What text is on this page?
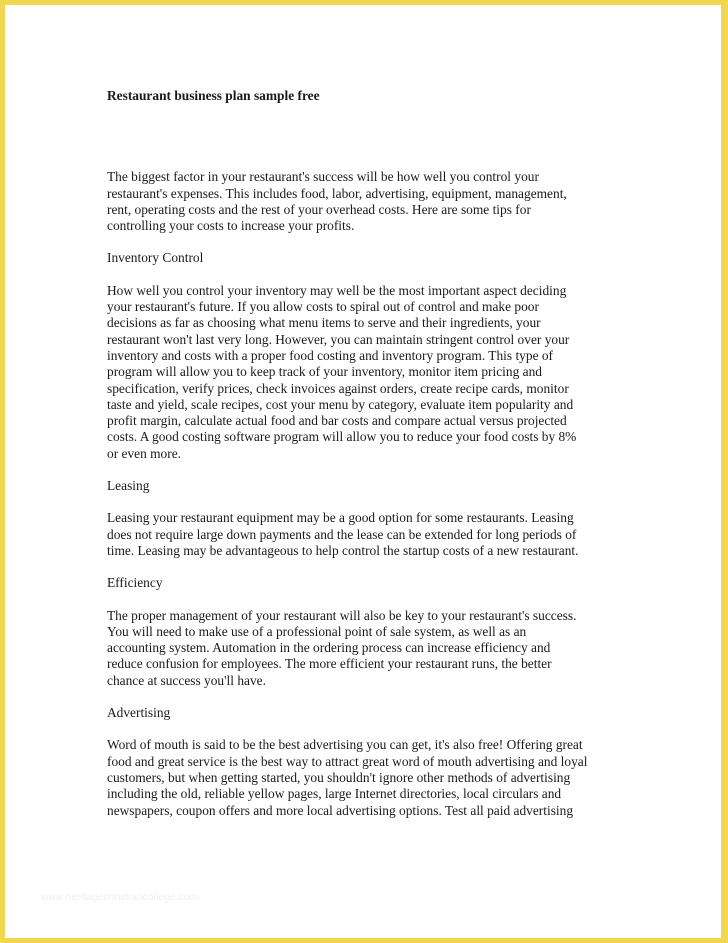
Restaurant business plan sample free

The biggest factor in your restaurant's success will be how well you control your
restaurant's expenses. This includes food, labor, advertising, equipment, management,
rent, operating costs and the rest of your overhead costs. Here are some tips for
controlling your costs to increase your profits.

Inventory Control

How well you control your inventory may well be the most important aspect deciding
your restaurant's future. If you allow costs to spiral out of control and make poor
decisions as far as choosing what menu items to serve and their ingredients, your
restaurant won't last very long. However, you can maintain stringent control over your
inventory and costs with a proper food costing and inventory program. This type of
program will allow you to keep track of your inventory, monitor item pricing and
specification, verify prices, check invoices against orders, create recipe cards, monitor
taste and yield, scale recipes, cost your menu by category, evaluate item popularity and
profit margin, calculate actual food and bar costs and compare actual versus projected
costs. A good costing software program will allow you to reduce your food costs by 8%
or even more.

Leasing

Leasing your restaurant equipment may be a good option for some restaurants. Leasing
does not require large down payments and the lease can be extended for long periods of
time. Leasing may be advantageous to help control the startup costs of a new restaurant.

Efficiency

The proper management of your restaurant will also be key to your restaurant's success.
You will need to make use of a professional point of sale system, as well as an
accounting system. Automation in the ordering process can increase efficiency and
reduce confusion for employees. The more efficient your restaurant runs, the better
chance at success you'll have.

Advertising

Word of mouth is said to be the best advertising you can get, it's also free! Offering great
food and great service is the best way to attract great word of mouth advertising and loyal
customers, but when getting started, you shouldn't ignore other methods of advertising
including the old, reliable yellow pages, large Internet directories, local circulars and
newspapers, coupon offers and more local advertising options. Test all paid advertising

www.heritagechristiancollege.com
